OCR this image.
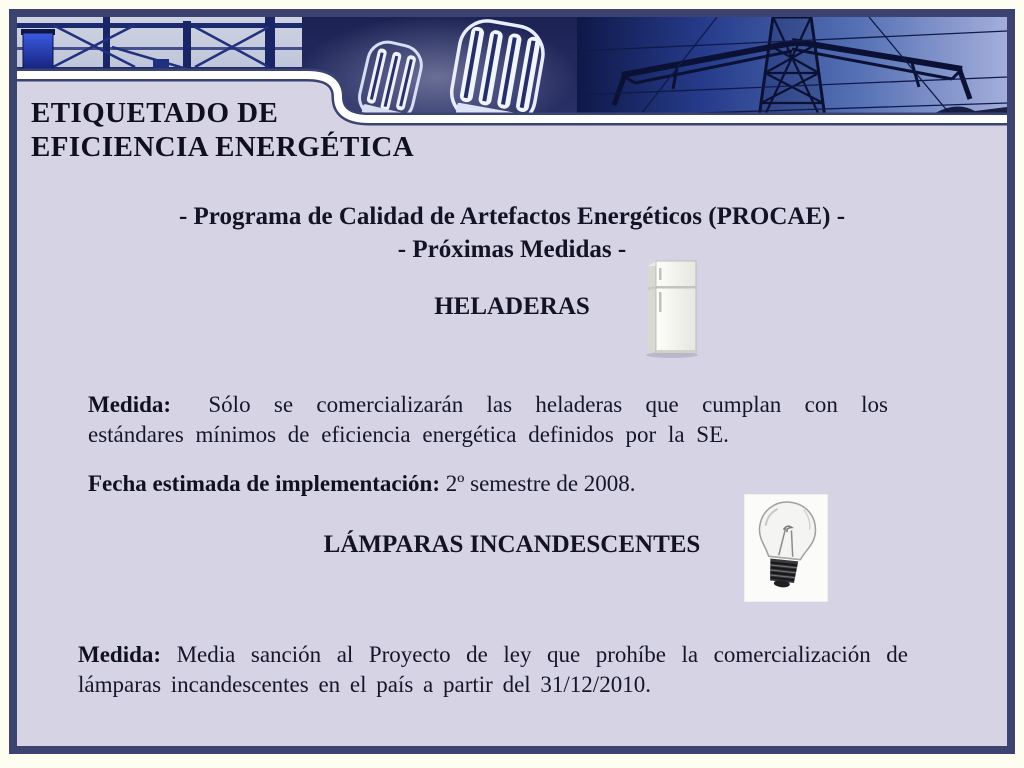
ETIQUETADO DE
EFICIENCIA ENERGÉTICA
- Programa de Calidad de Artefactos Energéticos (PROCAE) -
- Próximas Medidas -
HELADERAS

Medida: Sólo se comercializarán las heladeras que cumplan con los estándares mínimos de eficiencia energética definidos por la SE.

Fecha estimada de implementación: 2º semestre de 2008.

LÁMPARAS INCANDESCENTES

Medida: Media sanción al Proyecto de ley que prohíbe la comercialización de lámparas incandescentes en el país a partir del 31/12/2010.
